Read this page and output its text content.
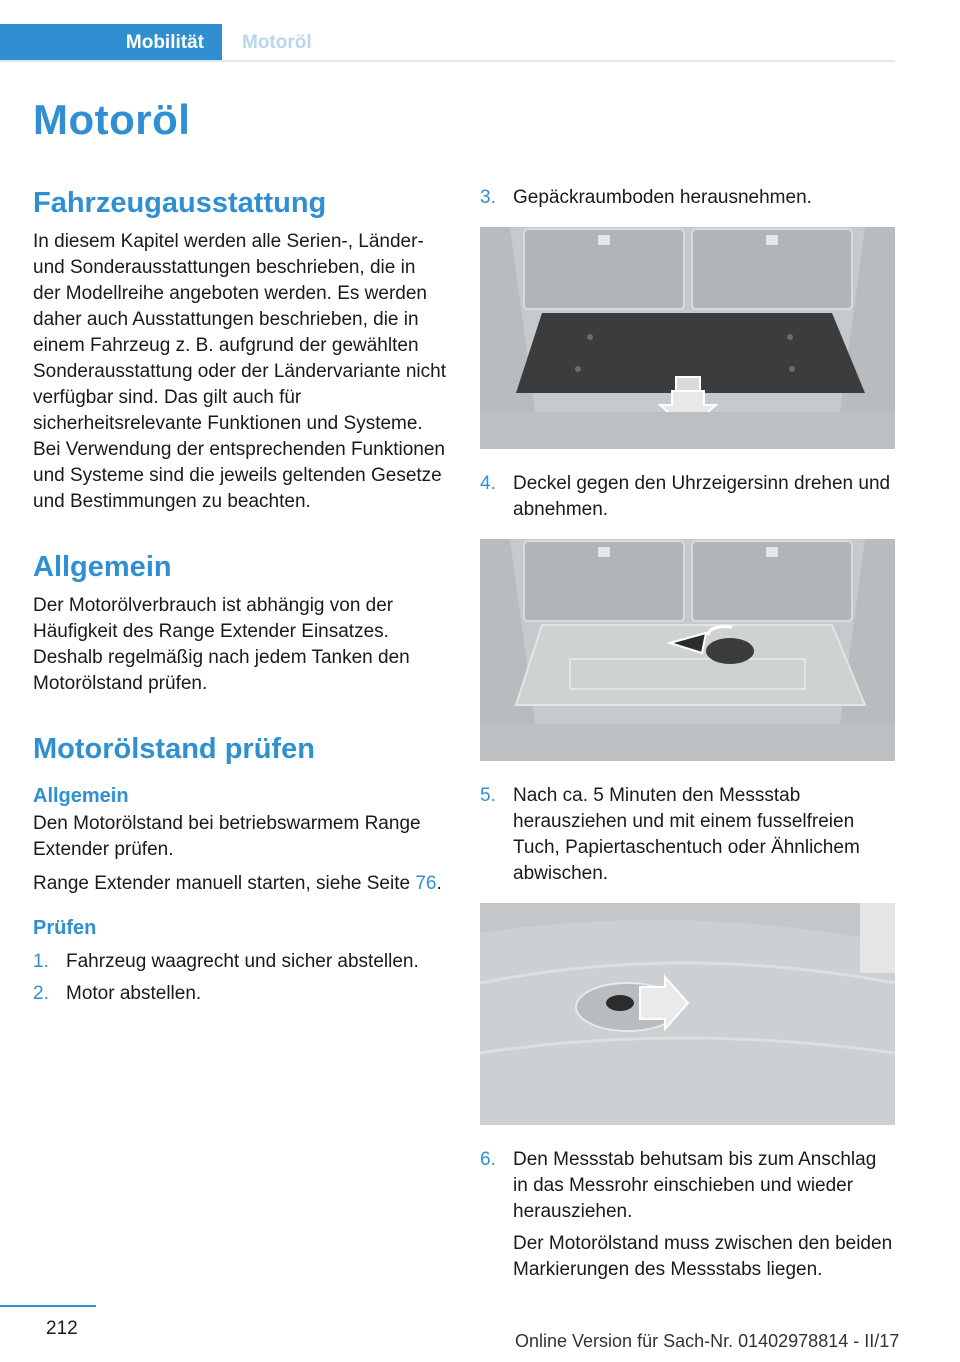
Mobilität	Motoröl
Motoröl
Fahrzeugausstattung

In diesem Kapitel werden alle Serien-, Länder- und Sonderausstattungen beschrieben, die in der Modellreihe angeboten werden. Es werden daher auch Ausstattungen beschrieben, die in einem Fahrzeug z. B. aufgrund der gewählten Sonderausstattung oder der Ländervariante nicht verfügbar sind. Das gilt auch für sicherheitsrelevante Funktionen und Systeme. Bei Verwendung der entsprechenden Funktionen und Systeme sind die jeweils geltenden Gesetze und Bestimmungen zu beachten.

Allgemein

Der Motorölverbrauch ist abhängig von der Häufigkeit des Range Extender Einsatzes. Deshalb regelmäßig nach jedem Tanken den Motorölstand prüfen.

Motorölstand prüfen
Allgemein

Den Motorölstand bei betriebswarmem Range Extender prüfen.

Range Extender manuell starten, siehe Seite 76.

Prüfen
1. Fahrzeug waagrecht und sicher abstellen.
2. Motor abstellen.
3. Gepäckraumboden herausnehmen.
4. Deckel gegen den Uhrzeigersinn drehen und abnehmen.
5. Nach ca. 5 Minuten den Messstab herausziehen und mit einem fusselfreien Tuch, Papiertaschentuch oder Ähnlichem abwischen.
6. Den Messstab behutsam bis zum Anschlag in das Messrohr einschieben und wieder herausziehen.
Der Motorölstand muss zwischen den beiden Markierungen des Messstabs liegen.
212
Online Version für Sach-Nr. 01402978814 - II/17
